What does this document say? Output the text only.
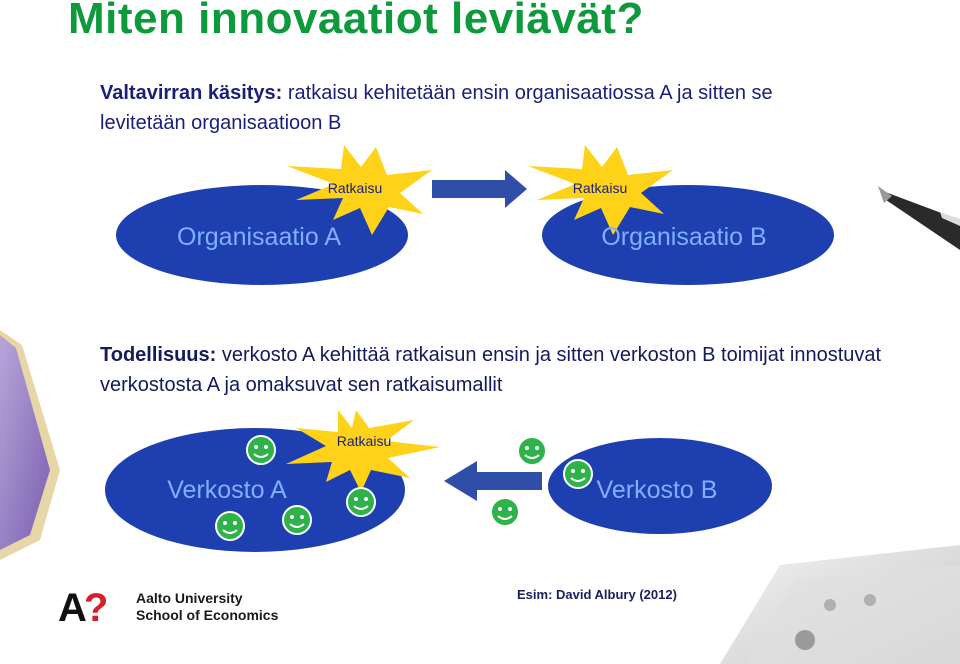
Miten innovaatiot leviävät?

Valtavirran käsitys: ratkaisu kehitetään ensin organisaatiossa A ja sitten se levitetään organisaatioon B

Organisaatio A	Organisaatio B
Ratkaisu	Ratkaisu
Verkosto A	Verkosto B
Ratkaisu

Todellisuus: verkosto A kehittää ratkaisun ensin ja sitten verkoston B toimijat innostuvat verkostosta A ja omaksuvat sen ratkaisumallit

A? Aalto University
School of Economics
Esim: David Albury (2012)
